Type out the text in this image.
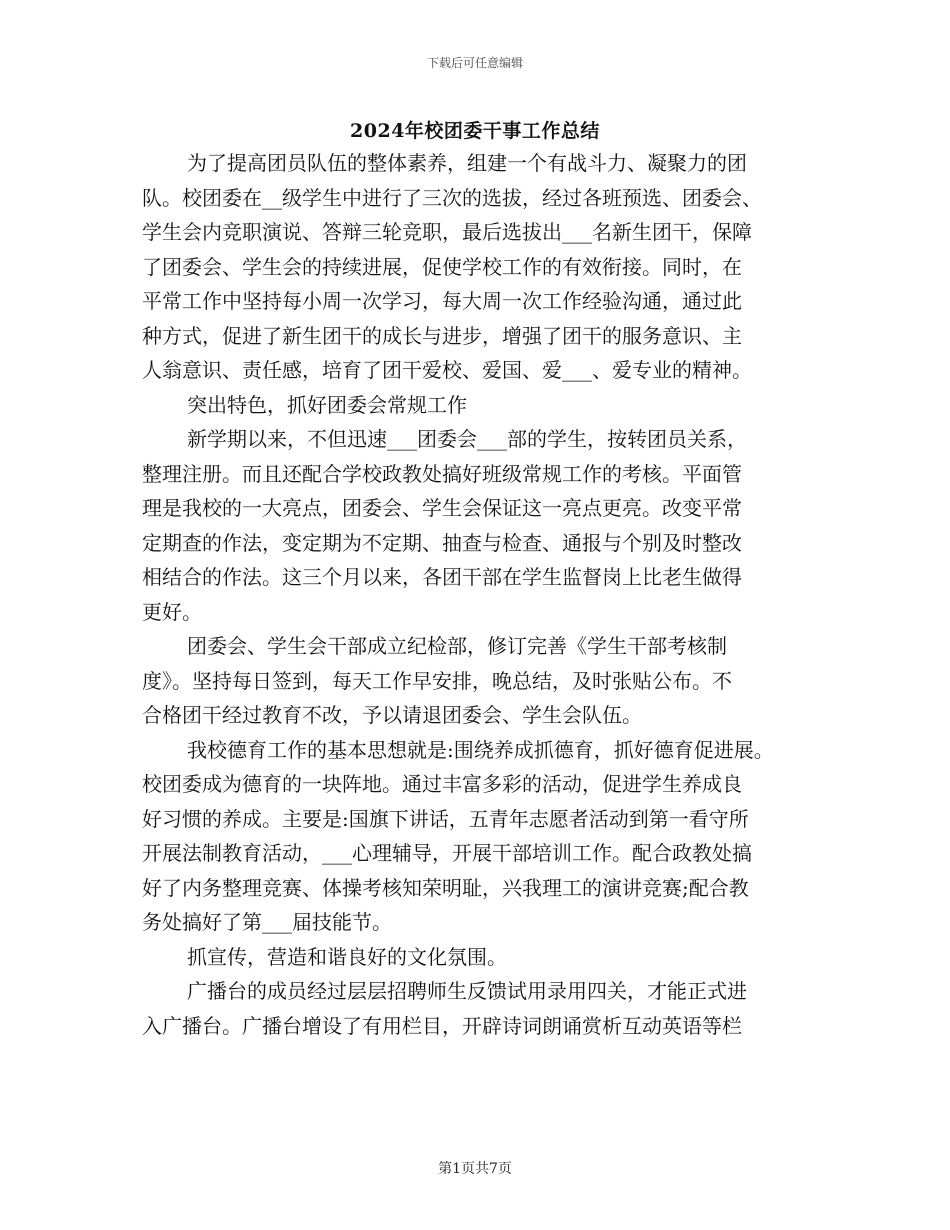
下载后可任意编辑
2024年校团委干事工作总结
为了提高团员队伍的整体素养，组建一个有战斗力、凝聚力的团
队。校团委在__级学生中进行了三次的选拔，经过各班预选、团委会、
学生会内竞职演说、答辩三轮竞职，最后选拔出___名新生团干，保障
了团委会、学生会的持续进展，促使学校工作的有效衔接。同时，在
平常工作中坚持每小周一次学习，每大周一次工作经验沟通，通过此
种方式，促进了新生团干的成长与进步，增强了团干的服务意识、主
人翁意识、责任感，培育了团干爱校、爱国、爱___、爱专业的精神。
突出特色，抓好团委会常规工作
新学期以来，不但迅速___团委会___部的学生，按转团员关系，
整理注册。而且还配合学校政教处搞好班级常规工作的考核。平面管
理是我校的一大亮点，团委会、学生会保证这一亮点更亮。改变平常
定期查的作法，变定期为不定期、抽查与检查、通报与个别及时整改
相结合的作法。这三个月以来，各团干部在学生监督岗上比老生做得
更好。
团委会、学生会干部成立纪检部，修订完善《学生干部考核制
度》。坚持每日签到，每天工作早安排，晚总结，及时张贴公布。不
合格团干经过教育不改，予以请退团委会、学生会队伍。
我校德育工作的基本思想就是:围绕养成抓德育，抓好德育促进展。
校团委成为德育的一块阵地。通过丰富多彩的活动，促进学生养成良
好习惯的养成。主要是:国旗下讲话，五青年志愿者活动到第一看守所
开展法制教育活动，___心理辅导，开展干部培训工作。配合政教处搞
好了内务整理竞赛、体操考核知荣明耻，兴我理工的演讲竞赛;配合教
务处搞好了第___届技能节。
抓宣传，营造和谐良好的文化氛围。
广播台的成员经过层层招聘师生反馈试用录用四关，才能正式进
入广播台。广播台增设了有用栏目，开辟诗词朗诵赏析互动英语等栏
第1页共7页
